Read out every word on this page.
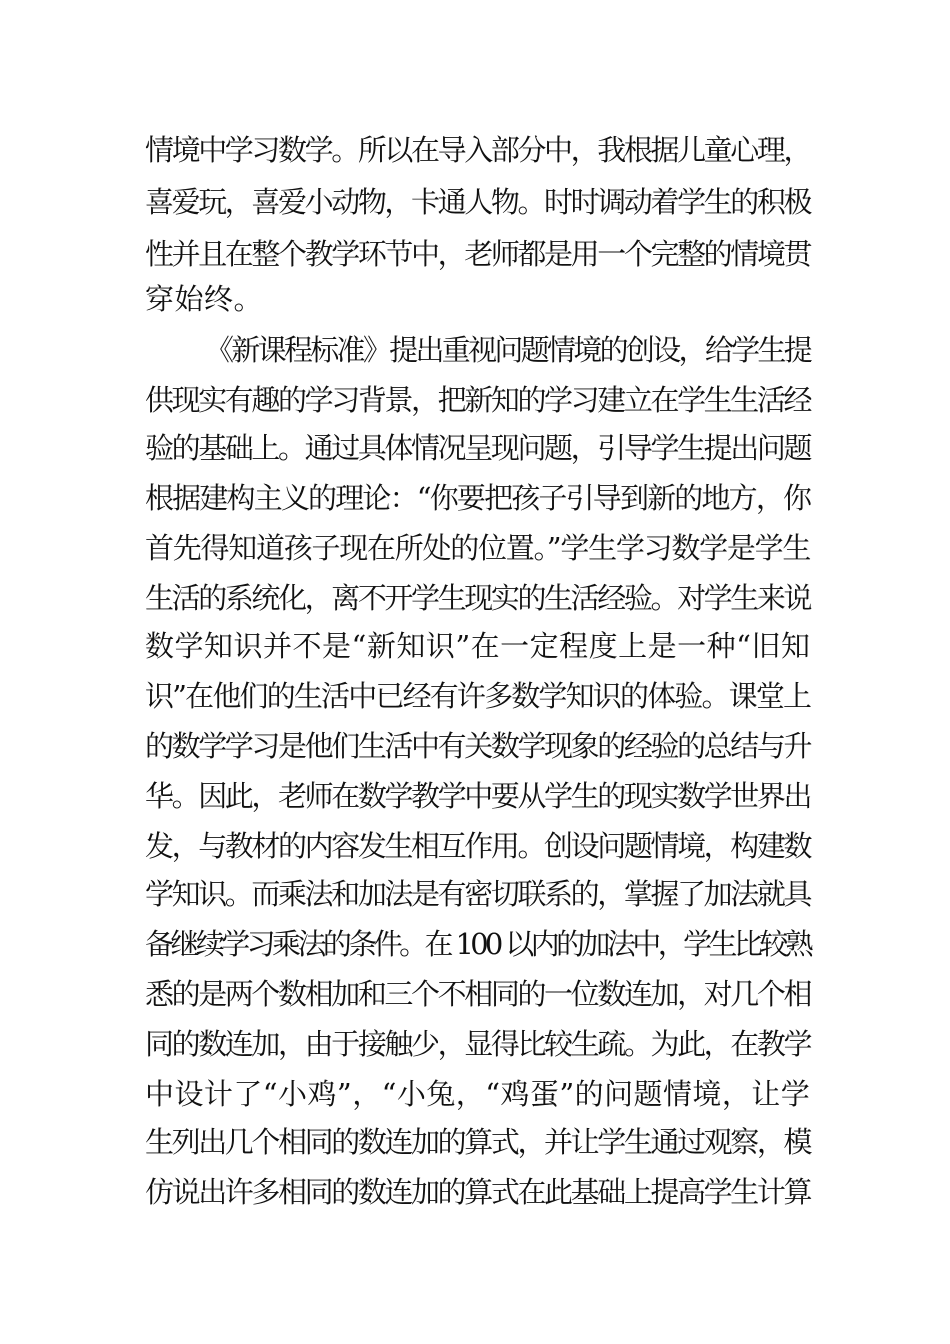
情境中学习数学。所以在导入部分中，我根据儿童心理，
喜爱玩，喜爱小动物，卡通人物。时时调动着学生的积极
性并且在整个教学环节中，老师都是用一个完整的情境贯
穿始终。
《新课程标准》提出重视问题情境的创设，给学生提
供现实有趣的学习背景，把新知的学习建立在学生生活经
验的基础上。通过具体情况呈现问题，引导学生提出问题
根据建构主义的理论：“你要把孩子引导到新的地方，你
首先得知道孩子现在所处的位置。”学生学习数学是学生
生活的系统化，离不开学生现实的生活经验。对学生来说
数学知识并不是“新知识”在一定程度上是一种“旧知
识”在他们的生活中已经有许多数学知识的体验。课堂上
的数学学习是他们生活中有关数学现象的经验的总结与升
华。因此，老师在数学教学中要从学生的现实数学世界出
发，与教材的内容发生相互作用。创设问题情境，构建数
学知识。而乘法和加法是有密切联系的，掌握了加法就具
备继续学习乘法的条件。在 100 以内的加法中，学生比较熟
悉的是两个数相加和三个不相同的一位数连加，对几个相
同的数连加，由于接触少，显得比较生疏。为此，在教学
中设计了“小鸡”，“小兔，“鸡蛋”的问题情境，让学
生列出几个相同的数连加的算式，并让学生通过观察，模
仿说出许多相同的数连加的算式在此基础上提高学生计算
